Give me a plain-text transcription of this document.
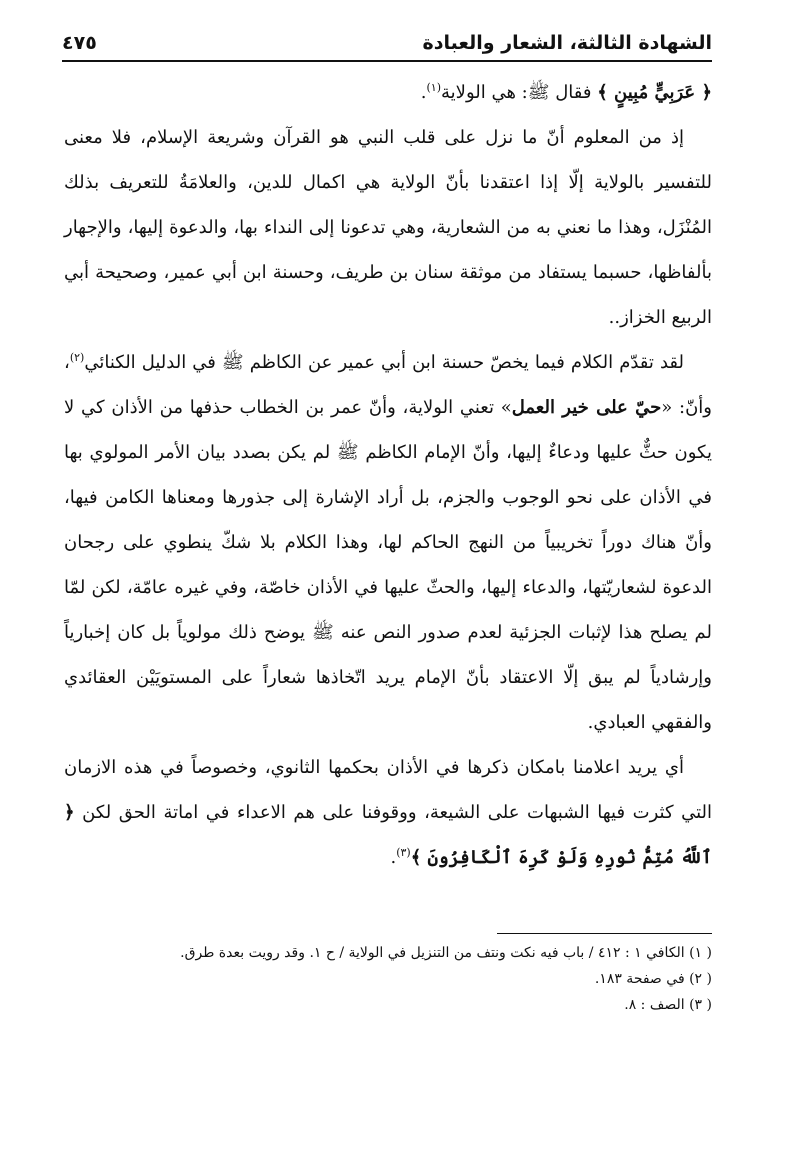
الشهادة الثالثة، الشعار والعبادة
٤٧٥

﴿ عَرَبِيٍّ مُبِينٍ ﴾ فقال ﷺ: هي الولاية$^{(١)}$.

إذ من المعلوم أنّ ما نزل على قلب النبي هو القرآن وشريعة الإسلام، فلا معنى للتفسير بالولاية إلّا إذا اعتقدنا بأنّ الولاية هي اكمال للدين، والعلامَةُ للتعريف بذلك المُنْزَل، وهذا ما نعني به من الشعارية، وهي تدعونا إلى النداء بها، والدعوة إليها، والإجهار بألفاظها، حسبما يستفاد من موثقة سنان بن طريف، وحسنة ابن أبي عمير، وصحيحة أبي الربيع الخزاز..

لقد تقدّم الكلام فيما يخصّ حسنة ابن أبي عمير عن الكاظم ﷺ في الدليل الكنائي$^{(٢)}$، وأنّ: «حيّ على خير العمل» تعني الولاية، وأنّ عمر بن الخطاب حذفها من الأذان كي لا يكون حثٌّ عليها ودعاءٌ إليها، وأنّ الإمام الكاظم ﷺ لم يكن بصدد بيان الأمر المولوي بها في الأذان على نحو الوجوب والجزم، بل أراد الإشارة إلى جذورها ومعناها الكامن فيها، وأنّ هناك دوراً تخريبياً من النهج الحاكم لها، وهذا الكلام بلا شكّ ينطوي على رجحان الدعوة لشعاريّتها، والدعاء إليها، والحثّ عليها في الأذان خاصّة، وفي غيره عامّة، لكن لمّا لم يصلح هذا لإثبات الجزئية لعدم صدور النص عنه ﷺ يوضح ذلك مولوياً بل كان إخبارياً وإرشادياً لم يبق إلّا الاعتقاد بأنّ الإمام يريد اتّخاذها شعاراً على المستويَيْن العقائدي والفقهي العبادي.

أي يريد اعلامنا بامكان ذكرها في الأذان بحكمها الثانوي، وخصوصاً في هذه الازمان التي كثرت فيها الشبهات على الشيعة، ووقوفنا على هم الاعداء في اماتة الحق لكن ﴿ ٱللَّهُ مُتِمُّ نُورِهِ وَلَوْ كَرِهَ ٱلْكَافِرُونَ ﴾$^{(٣)}$.

( ١) الكافي ١ : ٤١٢ / باب فيه نكت ونتف من التنزيل في الولاية / ح ١. وقد رويت بعدة طرق.

( ٢) في صفحة ١٨٣.

( ٣) الصف : ٨.
